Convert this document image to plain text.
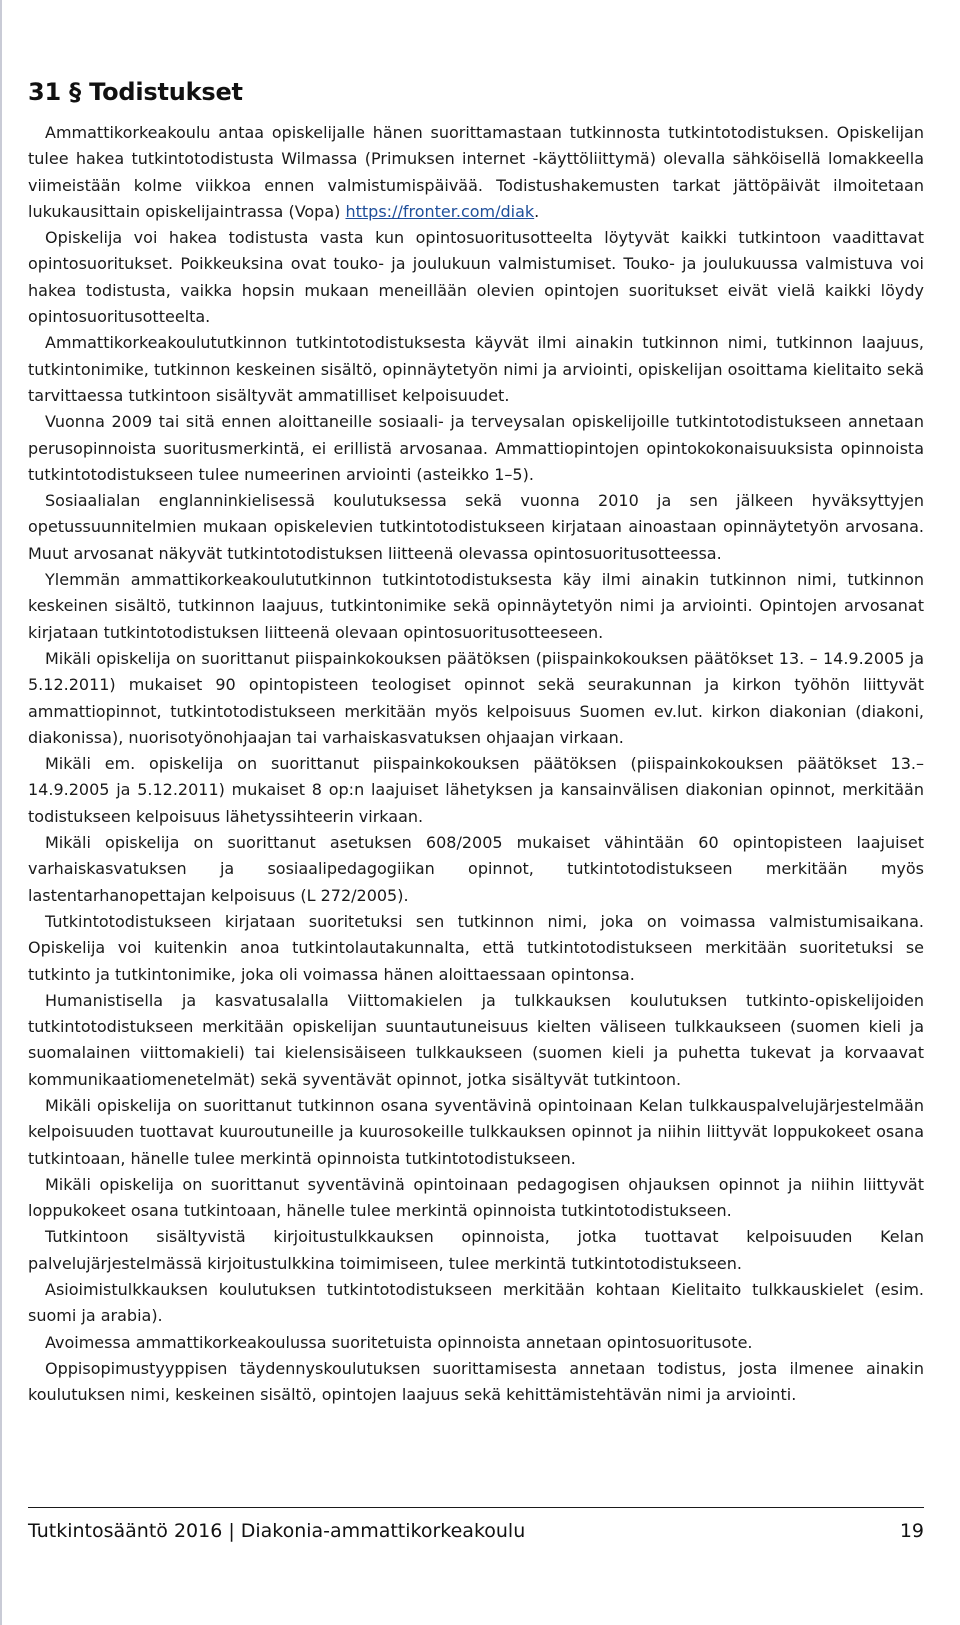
31 § Todistukset

Ammattikorkeakoulu antaa opiskelijalle hänen suorittamastaan tutkinnosta tutkintotodistuksen. Opiskelijan tulee hakea tutkintotodistusta Wilmassa (Primuksen internet -käyttöliittymä) olevalla sähköisellä lomakkeella viimeistään kolme viikkoa ennen valmistumispäivää. Todistushakemusten tarkat jättöpäivät ilmoitetaan lukukausittain opiskelijaintrassa (Vopa) https://fronter.com/diak.

Opiskelija voi hakea todistusta vasta kun opintosuoritusotteelta löytyvät kaikki tutkintoon vaadittavat opintosuoritukset. Poikkeuksina ovat touko- ja joulukuun valmistumiset. Touko- ja joulukuussa valmistuva voi hakea todistusta, vaikka hopsin mukaan meneillään olevien opintojen suoritukset eivät vielä kaikki löydy opintosuoritusotteelta.

Ammattikorkeakoulututkinnon tutkintotodistuksesta käyvät ilmi ainakin tutkinnon nimi, tutkinnon laajuus, tutkintonimike, tutkinnon keskeinen sisältö, opinnäytetyön nimi ja arviointi, opiskelijan osoittama kielitaito sekä tarvittaessa tutkintoon sisältyvät ammatilliset kelpoisuudet.

Vuonna 2009 tai sitä ennen aloittaneille sosiaali- ja terveysalan opiskelijoille tutkintotodistukseen annetaan perusopinnoista suoritusmerkintä, ei erillistä arvosanaa. Ammattiopintojen opintokokonaisuuksista opinnoista tutkintotodistukseen tulee numeerinen arviointi (asteikko 1–5).

Sosiaalialan englanninkielisessä koulutuksessa sekä vuonna 2010 ja sen jälkeen hyväksyttyjen opetussuunnitelmien mukaan opiskelevien tutkintotodistukseen kirjataan ainoastaan opinnäytetyön arvosana. Muut arvosanat näkyvät tutkintotodistuksen liitteenä olevassa opintosuoritusotteessa.

Ylemmän ammattikorkeakoulututkinnon tutkintotodistuksesta käy ilmi ainakin tutkinnon nimi, tutkinnon keskeinen sisältö, tutkinnon laajuus, tutkintonimike sekä opinnäytetyön nimi ja arviointi. Opintojen arvosanat kirjataan tutkintotodistuksen liitteenä olevaan opintosuoritusotteeseen.

Mikäli opiskelija on suorittanut piispainkokouksen päätöksen (piispainkokouksen päätökset 13. – 14.9.2005 ja 5.12.2011) mukaiset 90 opintopisteen teologiset opinnot sekä seurakunnan ja kirkon työhön liittyvät ammattiopinnot, tutkintotodistukseen merkitään myös kelpoisuus Suomen ev.lut. kirkon diakonian (diakoni, diakonissa), nuorisotyönohjaajan tai varhaiskasvatuksen ohjaajan virkaan.

Mikäli em. opiskelija on suorittanut piispainkokouksen päätöksen (piispainkokouksen päätökset 13.– 14.9.2005 ja 5.12.2011) mukaiset 8 op:n laajuiset lähetyksen ja kansainvälisen diakonian opinnot, merkitään todistukseen kelpoisuus lähetyssihteerin virkaan.

Mikäli opiskelija on suorittanut asetuksen 608/2005 mukaiset vähintään 60 opintopisteen laajuiset varhaiskasvatuksen ja sosiaalipedagogiikan opinnot, tutkintotodistukseen merkitään myös lastentarhanopettajan kelpoisuus (L 272/2005).

Tutkintotodistukseen kirjataan suoritetuksi sen tutkinnon nimi, joka on voimassa valmistumisaikana. Opiskelija voi kuitenkin anoa tutkintolautakunnalta, että tutkintotodistukseen merkitään suoritetuksi se tutkinto ja tutkintonimike, joka oli voimassa hänen aloittaessaan opintonsa.

Humanistisella ja kasvatusalalla Viittomakielen ja tulkkauksen koulutuksen tutkinto-opiskelijoiden tutkintotodistukseen merkitään opiskelijan suuntautuneisuus kielten väliseen tulkkaukseen (suomen kieli ja suomalainen viittomakieli) tai kielensisäiseen tulkkaukseen (suomen kieli ja puhetta tukevat ja korvaavat kommunikaatiomenetelmät) sekä syventävät opinnot, jotka sisältyvät tutkintoon.

Mikäli opiskelija on suorittanut tutkinnon osana syventävinä opintoinaan Kelan tulkkauspalvelujärjestelmään kelpoisuuden tuottavat kuuroutuneille ja kuurosokeille tulkkauksen opinnot ja niihin liittyvät loppukokeet osana tutkintoaan, hänelle tulee merkintä opinnoista tutkintotodistukseen.

Mikäli opiskelija on suorittanut syventävinä opintoinaan pedagogisen ohjauksen opinnot ja niihin liittyvät loppukokeet osana tutkintoaan, hänelle tulee merkintä opinnoista tutkintotodistukseen.

Tutkintoon sisältyvistä kirjoitustulkkauksen opinnoista, jotka tuottavat kelpoisuuden Kelan palvelujärjestelmässä kirjoitustulkkina toimimiseen, tulee merkintä tutkintotodistukseen.

Asioimistulkkauksen koulutuksen tutkintotodistukseen merkitään kohtaan Kielitaito tulkkauskielet (esim. suomi ja arabia).

Avoimessa ammattikorkeakoulussa suoritetuista opinnoista annetaan opintosuoritusote.

Oppisopimustyyppisen täydennyskoulutuksen suorittamisesta annetaan todistus, josta ilmenee ainakin koulutuksen nimi, keskeinen sisältö, opintojen laajuus sekä kehittämistehtävän nimi ja arviointi.

Tutkintosääntö 2016 | Diakonia-ammattikorkeakoulu	19
